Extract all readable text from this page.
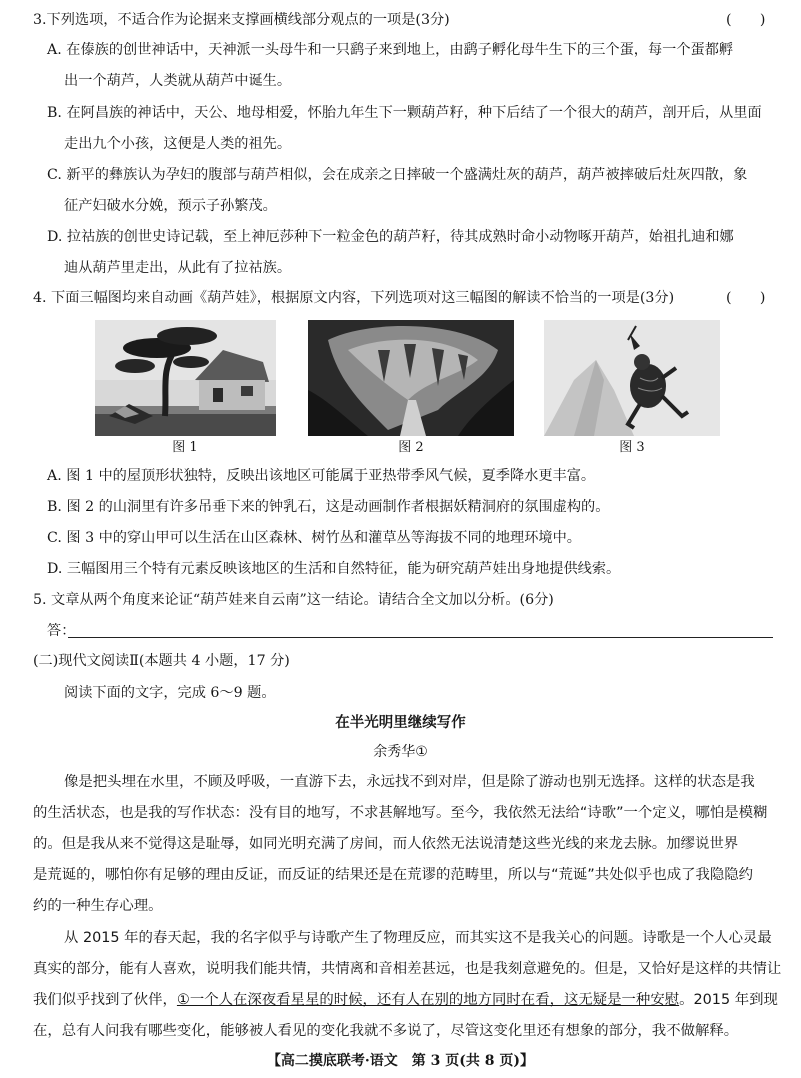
3.下列选项，不适合作为论据来支撑画横线部分观点的一项是(3分)	(　　)
A. 在傣族的创世神话中，天神派一头母牛和一只鹞子来到地上，由鹞子孵化母牛生下的三个蛋，每一个蛋都孵
出一个葫芦，人类就从葫芦中诞生。
B. 在阿昌族的神话中，天公、地母相爱，怀胎九年生下一颗葫芦籽，种下后结了一个很大的葫芦，剖开后，从里面
走出九个小孩，这便是人类的祖先。
C. 新平的彝族认为孕妇的腹部与葫芦相似，会在成亲之日摔破一个盛满灶灰的葫芦，葫芦被摔破后灶灰四散，象
征产妇破水分娩，预示子孙繁茂。
D. 拉祜族的创世史诗记载，至上神厄莎种下一粒金色的葫芦籽，待其成熟时命小动物啄开葫芦，始祖扎迪和娜
迪从葫芦里走出，从此有了拉祜族。
4. 下面三幅图均来自动画《葫芦娃》，根据原文内容，下列选项对这三幅图的解读不恰当的一项是(3分)	(　　)
图 1	图 2	图 3
A. 图 1 中的屋顶形状独特，反映出该地区可能属于亚热带季风气候，夏季降水更丰富。
B. 图 2 的山洞里有许多吊垂下来的钟乳石，这是动画制作者根据妖精洞府的氛围虚构的。
C. 图 3 中的穿山甲可以生活在山区森林、树竹丛和灌草丛等海拔不同的地理环境中。
D. 三幅图用三个特有元素反映该地区的生活和自然特征，能为研究葫芦娃出身地提供线索。
5. 文章从两个角度来论证“葫芦娃来自云南”这一结论。请结合全文加以分析。(6分)
答：
(二)现代文阅读Ⅱ(本题共 4 小题，17 分)
阅读下面的文字，完成 6～9 题。
在半光明里继续写作
余秀华①
像是把头埋在水里，不顾及呼吸，一直游下去，永远找不到对岸，但是除了游动也别无选择。这样的状态是我
的生活状态，也是我的写作状态：没有目的地写，不求甚解地写。至今，我依然无法给“诗歌”一个定义，哪怕是模糊
的。但是我从来不觉得这是耻辱，如同光明充满了房间，而人依然无法说清楚这些光线的来龙去脉。加缪说世界
是荒诞的，哪怕你有足够的理由反证，而反证的结果还是在荒谬的范畴里，所以与“荒诞”共处似乎也成了我隐隐约
约的一种生存心理。
从 2015 年的春天起，我的名字似乎与诗歌产生了物理反应，而其实这不是我关心的问题。诗歌是一个人心灵最
真实的部分，能有人喜欢，说明我们能共情，共情离和音相差甚远，也是我刻意避免的。但是，又恰好是这样的共情让
我们似乎找到了伙伴，①一个人在深夜看星星的时候，还有人在别的地方同时在看，这无疑是一种安慰。2015 年到现
在，总有人问我有哪些变化，能够被人看见的变化我就不多说了，尽管这变化里还有想象的部分，我不做解释。
【高二摸底联考·语文　第 3 页(共 8 页)】
